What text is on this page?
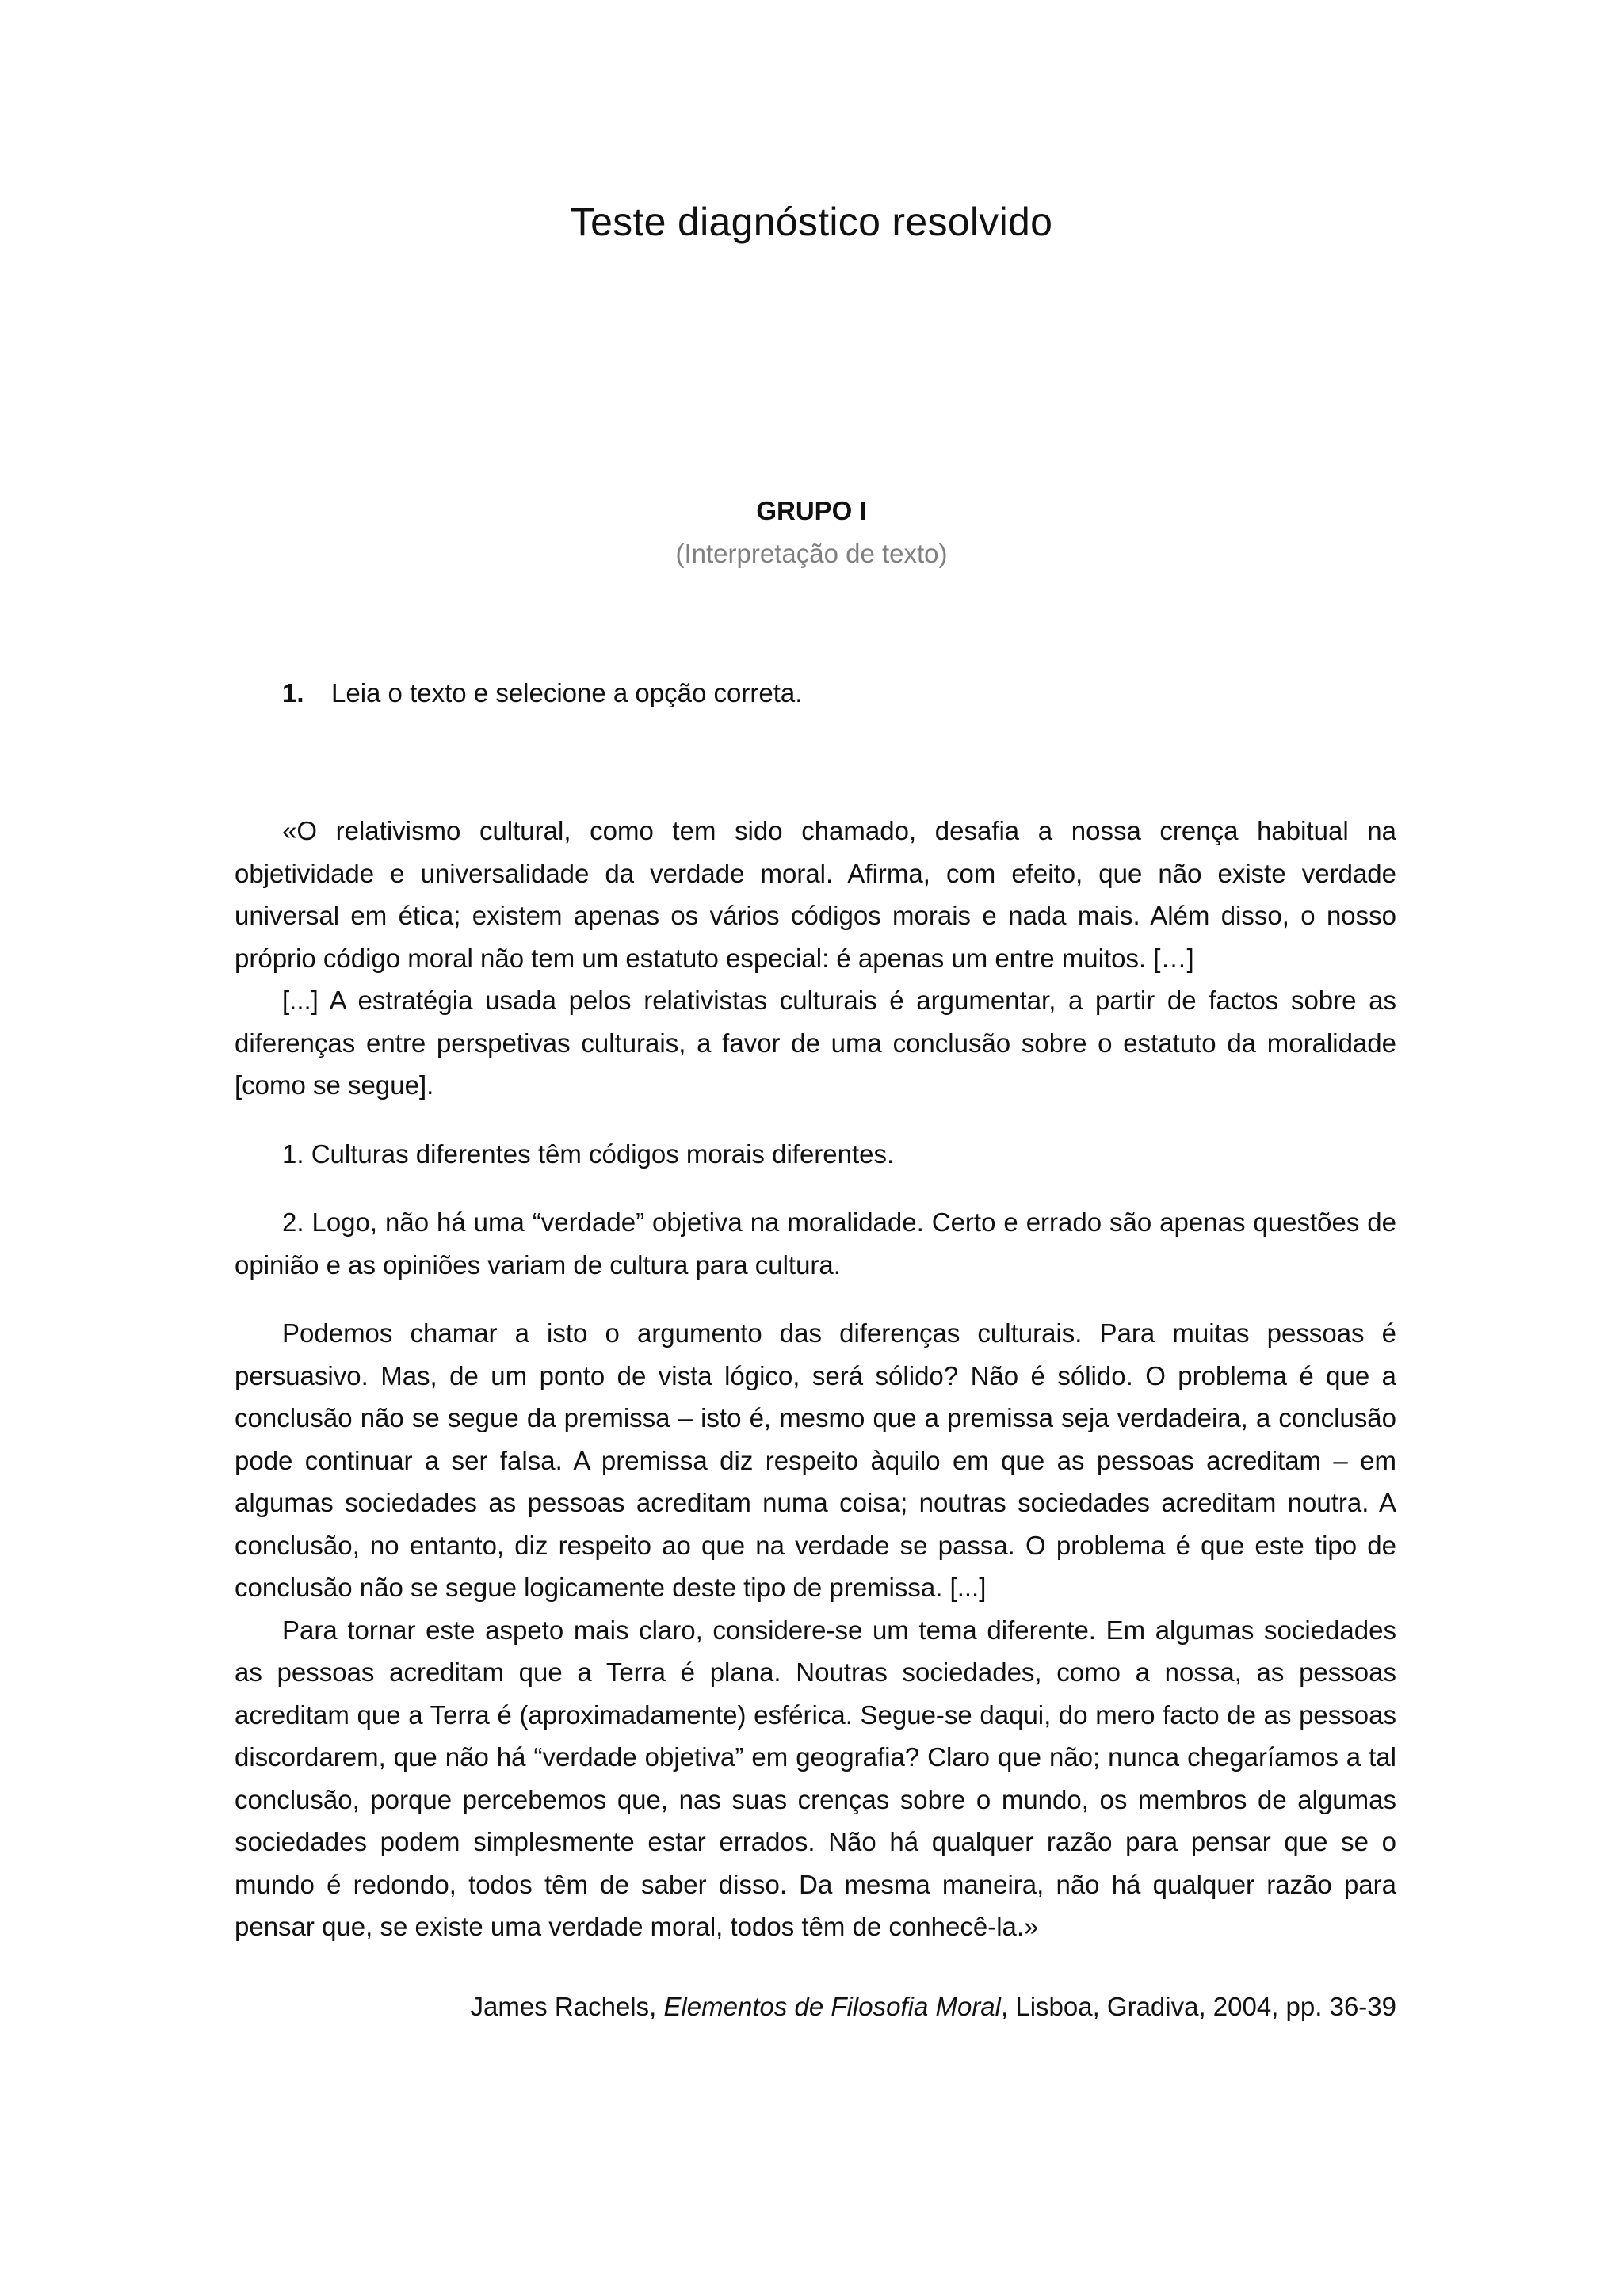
Teste diagnóstico resolvido
GRUPO I
(Interpretação de texto)
1. Leia o texto e selecione a opção correta.

«O relativismo cultural, como tem sido chamado, desafia a nossa crença habitual na objetividade e universalidade da verdade moral. Afirma, com efeito, que não existe verdade universal em ética; existem apenas os vários códigos morais e nada mais. Além disso, o nosso próprio código moral não tem um estatuto especial: é apenas um entre muitos. […]

[...] A estratégia usada pelos relativistas culturais é argumentar, a partir de factos sobre as diferenças entre perspetivas culturais, a favor de uma conclusão sobre o estatuto da moralidade [como se segue].

1. Culturas diferentes têm códigos morais diferentes.

2. Logo, não há uma “verdade” objetiva na moralidade. Certo e errado são apenas questões de opinião e as opiniões variam de cultura para cultura.

Podemos chamar a isto o argumento das diferenças culturais. Para muitas pessoas é persuasivo. Mas, de um ponto de vista lógico, será sólido? Não é sólido. O problema é que a conclusão não se segue da premissa – isto é, mesmo que a premissa seja verdadeira, a conclusão pode continuar a ser falsa. A premissa diz respeito àquilo em que as pessoas acreditam – em algumas sociedades as pessoas acreditam numa coisa; noutras sociedades acreditam noutra. A conclusão, no entanto, diz respeito ao que na verdade se passa. O problema é que este tipo de conclusão não se segue logicamente deste tipo de premissa. [...]

Para tornar este aspeto mais claro, considere-se um tema diferente. Em algumas sociedades as pessoas acreditam que a Terra é plana. Noutras sociedades, como a nossa, as pessoas acreditam que a Terra é (aproximadamente) esférica. Segue-se daqui, do mero facto de as pessoas discordarem, que não há “verdade objetiva” em geografia? Claro que não; nunca chegaríamos a tal conclusão, porque percebemos que, nas suas crenças sobre o mundo, os membros de algumas sociedades podem simplesmente estar errados. Não há qualquer razão para pensar que se o mundo é redondo, todos têm de saber disso. Da mesma maneira, não há qualquer razão para pensar que, se existe uma verdade moral, todos têm de conhecê-la.»

James Rachels, Elementos de Filosofia Moral, Lisboa, Gradiva, 2004, pp. 36-39
